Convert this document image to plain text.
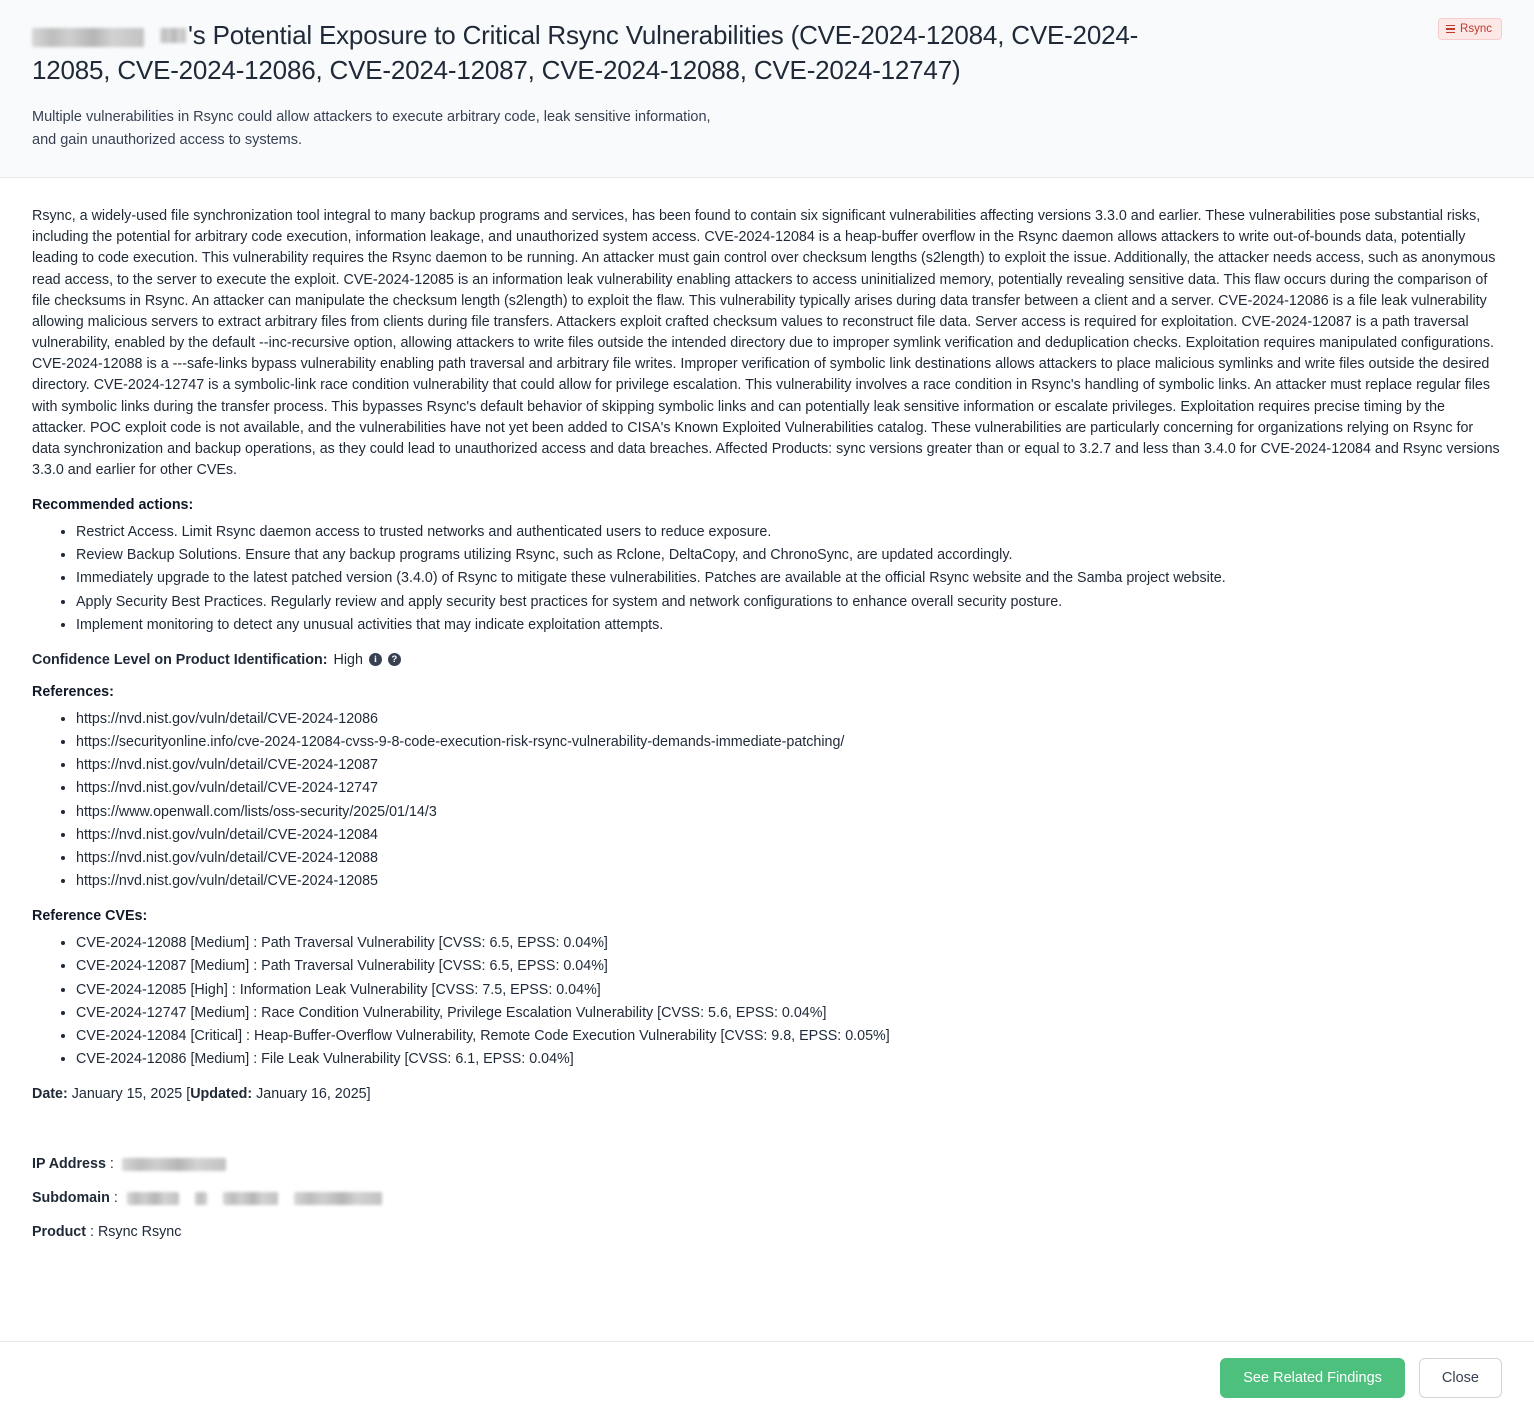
's Potential Exposure to Critical Rsync Vulnerabilities (CVE-2024-12084, CVE-2024-12085, CVE-2024-12086, CVE-2024-12087, CVE-2024-12088, CVE-2024-12747)
Rsync

Multiple vulnerabilities in Rsync could allow attackers to execute arbitrary code, leak sensitive information, and gain unauthorized access to systems.

Rsync, a widely-used file synchronization tool integral to many backup programs and services, has been found to contain six significant vulnerabilities affecting versions 3.3.0 and earlier. These vulnerabilities pose substantial risks, including the potential for arbitrary code execution, information leakage, and unauthorized system access. CVE-2024-12084 is a heap-buffer overflow in the Rsync daemon allows attackers to write out-of-bounds data, potentially leading to code execution. This vulnerability requires the Rsync daemon to be running. An attacker must gain control over checksum lengths (s2length) to exploit the issue. Additionally, the attacker needs access, such as anonymous read access, to the server to execute the exploit. CVE-2024-12085 is an information leak vulnerability enabling attackers to access uninitialized memory, potentially revealing sensitive data. This flaw occurs during the comparison of file checksums in Rsync. An attacker can manipulate the checksum length (s2length) to exploit the flaw. This vulnerability typically arises during data transfer between a client and a server. CVE-2024-12086 is a file leak vulnerability allowing malicious servers to extract arbitrary files from clients during file transfers. Attackers exploit crafted checksum values to reconstruct file data. Server access is required for exploitation. CVE-2024-12087 is a path traversal vulnerability, enabled by the default --inc-recursive option, allowing attackers to write files outside the intended directory due to improper symlink verification and deduplication checks. Exploitation requires manipulated configurations. CVE-2024-12088 is a ---safe-links bypass vulnerability enabling path traversal and arbitrary file writes. Improper verification of symbolic link destinations allows attackers to place malicious symlinks and write files outside the desired directory. CVE-2024-12747 is a symbolic-link race condition vulnerability that could allow for privilege escalation. This vulnerability involves a race condition in Rsync's handling of symbolic links. An attacker must replace regular files with symbolic links during the transfer process. This bypasses Rsync's default behavior of skipping symbolic links and can potentially leak sensitive information or escalate privileges. Exploitation requires precise timing by the attacker. POC exploit code is not available, and the vulnerabilities have not yet been added to CISA's Known Exploited Vulnerabilities catalog. These vulnerabilities are particularly concerning for organizations relying on Rsync for data synchronization and backup operations, as they could lead to unauthorized access and data breaches. Affected Products: sync versions greater than or equal to 3.2.7 and less than 3.4.0 for CVE-2024-12084 and Rsync versions 3.3.0 and earlier for other CVEs.

Recommended actions:
• Restrict Access. Limit Rsync daemon access to trusted networks and authenticated users to reduce exposure.
• Review Backup Solutions. Ensure that any backup programs utilizing Rsync, such as Rclone, DeltaCopy, and ChronoSync, are updated accordingly.
• Immediately upgrade to the latest patched version (3.4.0) of Rsync to mitigate these vulnerabilities. Patches are available at the official Rsync website and the Samba project website.
• Apply Security Best Practices. Regularly review and apply security best practices for system and network configurations to enhance overall security posture.
• Implement monitoring to detect any unusual activities that may indicate exploitation attempts.
Confidence Level on Product Identification: High	i	?
References:
• https://nvd.nist.gov/vuln/detail/CVE-2024-12086
• https://securityonline.info/cve-2024-12084-cvss-9-8-code-execution-risk-rsync-vulnerability-demands-immediate-patching/
• https://nvd.nist.gov/vuln/detail/CVE-2024-12087
• https://nvd.nist.gov/vuln/detail/CVE-2024-12747
• https://www.openwall.com/lists/oss-security/2025/01/14/3
• https://nvd.nist.gov/vuln/detail/CVE-2024-12084
• https://nvd.nist.gov/vuln/detail/CVE-2024-12088
• https://nvd.nist.gov/vuln/detail/CVE-2024-12085
Reference CVEs:
• CVE-2024-12088 [Medium] : Path Traversal Vulnerability [CVSS: 6.5, EPSS: 0.04%]
• CVE-2024-12087 [Medium] : Path Traversal Vulnerability [CVSS: 6.5, EPSS: 0.04%]
• CVE-2024-12085 [High] : Information Leak Vulnerability [CVSS: 7.5, EPSS: 0.04%]
• CVE-2024-12747 [Medium] : Race Condition Vulnerability, Privilege Escalation Vulnerability [CVSS: 5.6, EPSS: 0.04%]
• CVE-2024-12084 [Critical] : Heap-Buffer-Overflow Vulnerability, Remote Code Execution Vulnerability [CVSS: 9.8, EPSS: 0.05%]
• CVE-2024-12086 [Medium] : File Leak Vulnerability [CVSS: 6.1, EPSS: 0.04%]

Date: January 15, 2025 [Updated: January 16, 2025]

IP Address :
Subdomain :
Product : Rsync Rsync
See Related Findings	Close
